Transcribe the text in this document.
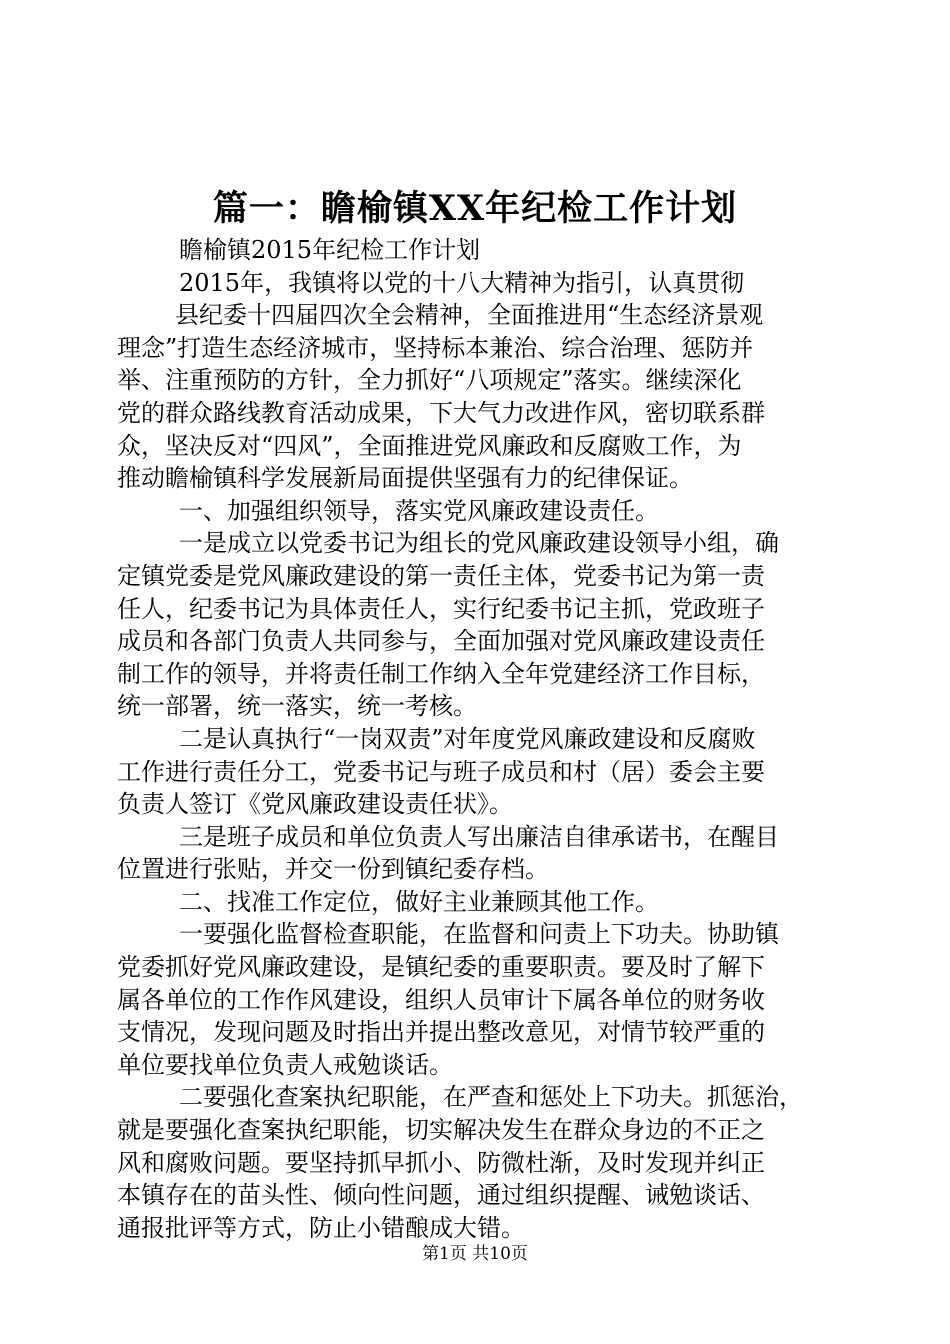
篇一：瞻榆镇XX年纪检工作计划

瞻榆镇2015年纪检工作计划

2015年，我镇将以党的十八大精神为指引，认真贯彻

县纪委十四届四次全会精神，全面推进用“生态经济景观

理念”打造生态经济城市，坚持标本兼治、综合治理、惩防并

举、注重预防的方针，全力抓好“八项规定”落实。继续深化

党的群众路线教育活动成果，下大气力改进作风，密切联系群

众，坚决反对“四风”，全面推进党风廉政和反腐败工作，为

推动瞻榆镇科学发展新局面提供坚强有力的纪律保证。

一、加强组织领导，落实党风廉政建设责任。

一是成立以党委书记为组长的党风廉政建设领导小组，确

定镇党委是党风廉政建设的第一责任主体，党委书记为第一责

任人，纪委书记为具体责任人，实行纪委书记主抓，党政班子

成员和各部门负责人共同参与，全面加强对党风廉政建设责任

制工作的领导，并将责任制工作纳入全年党建经济工作目标，

统一部署，统一落实，统一考核。

二是认真执行“一岗双责”对年度党风廉政建设和反腐败

工作进行责任分工，党委书记与班子成员和村（居）委会主要

负责人签订《党风廉政建设责任状》。

三是班子成员和单位负责人写出廉洁自律承诺书，在醒目

位置进行张贴，并交一份到镇纪委存档。

二、找准工作定位，做好主业兼顾其他工作。

一要强化监督检查职能，在监督和问责上下功夫。协助镇

党委抓好党风廉政建设，是镇纪委的重要职责。要及时了解下

属各单位的工作作风建设，组织人员审计下属各单位的财务收

支情况，发现问题及时指出并提出整改意见，对情节较严重的

单位要找单位负责人戒勉谈话。

二要强化查案执纪职能，在严查和惩处上下功夫。抓惩治，

就是要强化查案执纪职能，切实解决发生在群众身边的不正之

风和腐败问题。要坚持抓早抓小、防微杜渐，及时发现并纠正

本镇存在的苗头性、倾向性问题，通过组织提醒、诫勉谈话、

通报批评等方式，防止小错酿成大错。

第1页 共10页
